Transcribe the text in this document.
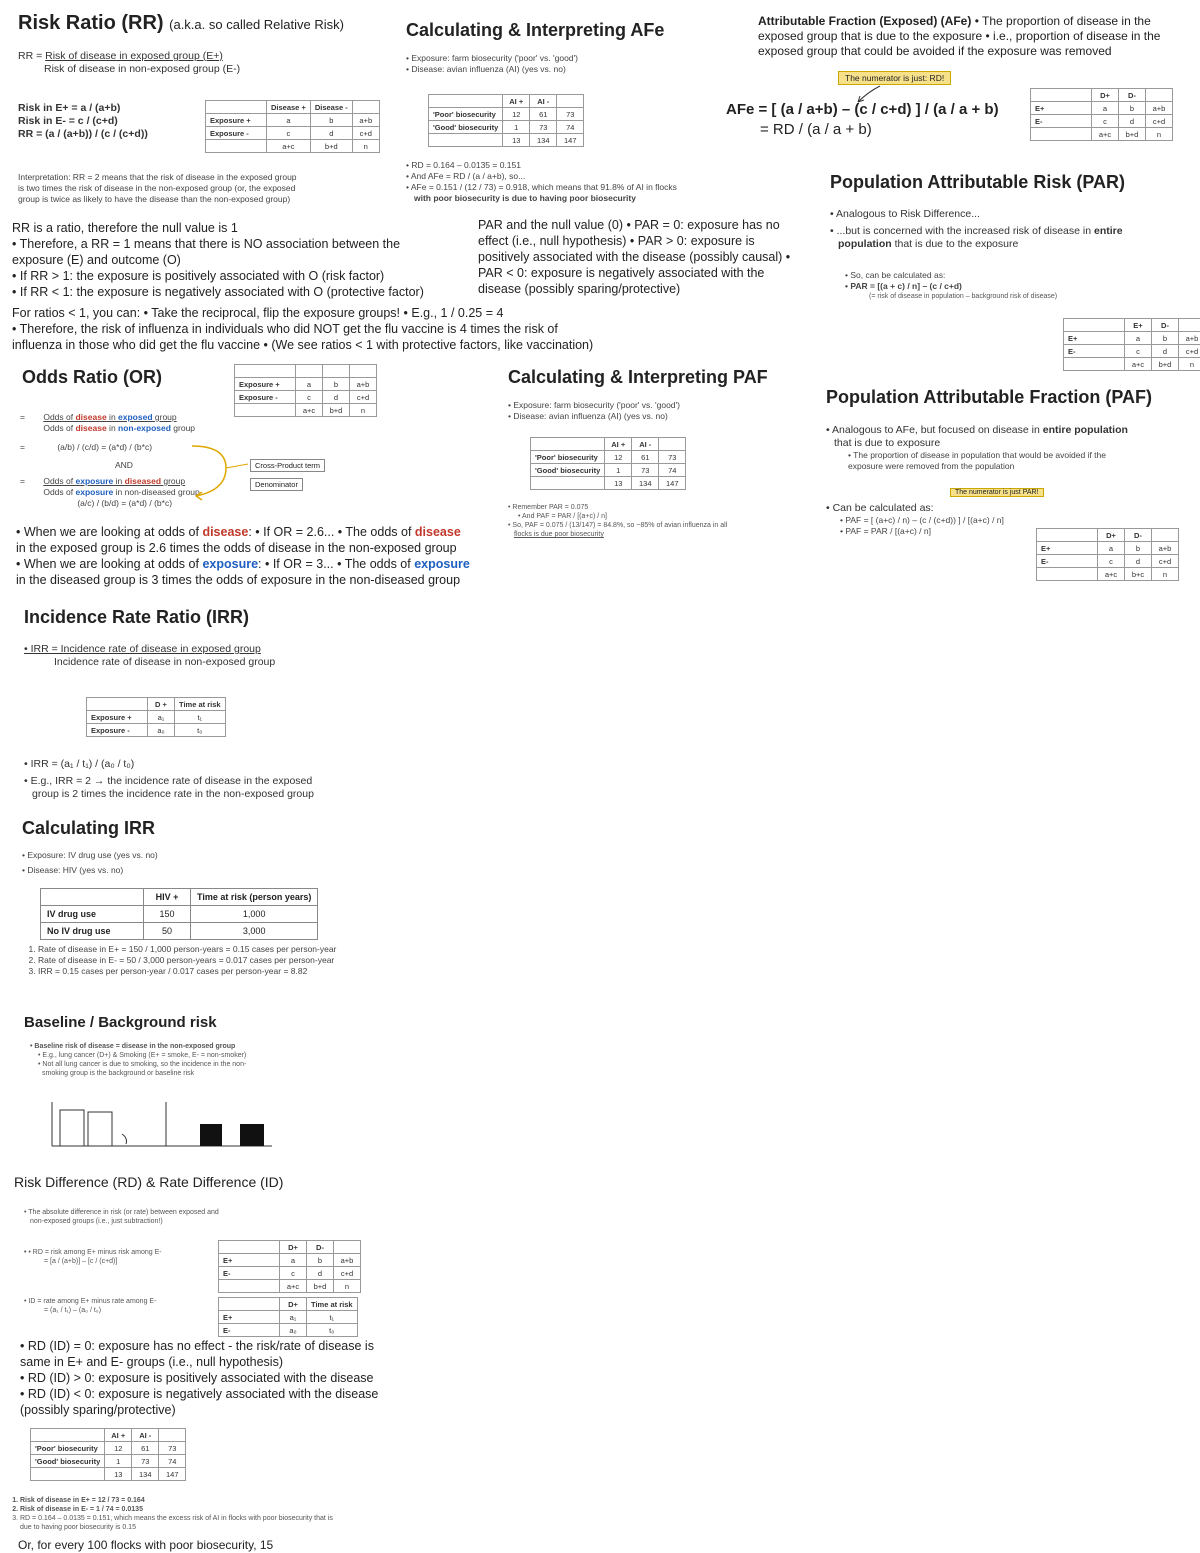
Risk Ratio (RR) (a.k.a. so called Relative Risk)
RR = Risk of disease in exposed group (E+)
Risk of disease in non-exposed group (E-)
Risk in E+ = a / (a+b)
Risk in E- = c / (c+d)
RR = (a / (a+b)) / (c / (c+d))
	Disease +	Disease -	
Exposure +	a	b	a+b
Exposure -	c	d	c+d
	a+c	b+d	n
Interpretation: RR = 2 means that the risk of disease in the exposed group
is two times the risk of disease in the non-exposed group (or, the exposed
group is twice as likely to have the disease than the non-exposed group)
RR is a ratio, therefore the null value is 1
• Therefore, a RR = 1 means that there is NO association between the
exposure (E) and outcome (O)
• If RR > 1: the exposure is positively associated with O (risk factor)
• If RR < 1: the exposure is negatively associated with O (protective factor)
For ratios < 1, you can: • Take the reciprocal, flip the exposure groups! • E.g., 1 / 0.25 = 4
• Therefore, the risk of influenza in individuals who did NOT get the flu vaccine is 4 times the risk of
influenza in those who did get the flu vaccine • (We see ratios < 1 with protective factors, like vaccination)
Calculating & Interpreting AFe
• Exposure: farm biosecurity ('poor' vs. 'good')
• Disease: avian influenza (AI) (yes vs. no)
	AI +	AI -	
'Poor' biosecurity	12	61	73
'Good' biosecurity	1	73	74
	13	134	147
• RD = 0.164 – 0.0135 = 0.151
• And AFe = RD / (a / a+b), so...
• AFe = 0.151 / (12 / 73) = 0.918, which means that 91.8% of AI in flocks
with poor biosecurity is due to having poor biosecurity
PAR and the null value (0) • PAR = 0: exposure has no
effect (i.e., null hypothesis) • PAR > 0: exposure is
positively associated with the disease (possibly causal) •
PAR < 0: exposure is negatively associated with the
disease (possibly sparing/protective)
Attributable Fraction (Exposed) (AFe) • The proportion of disease in the
exposed group that is due to the exposure • i.e., proportion of disease in the
exposed group that could be avoided if the exposure was removed
The numerator is just: RD!
AFe = [ (a / a+b) – (c / c+d) ] / (a / a + b)
= RD / (a / a + b)
	D+	D-	
E+	a	b	a+b
E-	c	d	c+d
	a+c	b+d	n
Population Attributable Risk (PAR)
• Analogous to Risk Difference...
• ...but is concerned with the increased risk of disease in entire
population that is due to the exposure
• So, can be calculated as:
• PAR = [(a + c) / n] – (c / c+d)
(= risk of disease in population – background risk of disease)
	E+	D-	
E+	a	b	a+b
E-	c	d	c+d
	a+c	b+d	n
Odds Ratio (OR)
				Exposure +	a	b	a+b
Exposure -	c	d	c+d
	a+c	b+d	n
= Odds of disease in exposed group
Odds of disease in non-exposed group
=	(a/b) / (c/d) = (a*d) / (b*c)
AND
= Odds of exposure in diseased group
Odds of exposure in non-diseased group
(a/c) / (b/d) = (a*d) / (b*c)
Cross-Product term
Denominator
• When we are looking at odds of disease: • If OR = 2.6... • The odds of disease
in the exposed group is 2.6 times the odds of disease in the non-exposed group
• When we are looking at odds of exposure: • If OR = 3... • The odds of exposure
in the diseased group is 3 times the odds of exposure in the non-diseased group
Calculating & Interpreting PAF
• Exposure: farm biosecurity ('poor' vs. 'good')
• Disease: avian influenza (AI) (yes vs. no)
	AI +	AI -	
'Poor' biosecurity	12	61	73
'Good' biosecurity	1	73	74
	13	134	147
• Remember PAR = 0.075
• And PAF = PAR / [(a+c) / n]
• So, PAF = 0.075 / (13/147) = 84.8%, so ~85% of avian influenza in all
flocks is due poor biosecurity
Population Attributable Fraction (PAF)
• Analogous to AFe, but focused on disease in entire population
that is due to exposure
• The proportion of disease in population that would be avoided if the
exposure were removed from the population
The numerator is just PAR!
• Can be calculated as:
• PAF = [ (a+c) / n) – (c / (c+d)) ] / [(a+c) / n]
• PAF = PAR / [(a+c) / n]
		D+	D-	
E+	a	b	a+b
E-	c	d	c+d
	a+c	b+c	n
Incidence Rate Ratio (IRR)
• IRR = Incidence rate of disease in exposed group
Incidence rate of disease in non-exposed group
	D +	Time at risk
Exposure +	a₁	t₁
Exposure -	a₀	t₀
• IRR = (a₁ / t₁) / (a₀ / t₀)
• E.g., IRR = 2 → the incidence rate of disease in the exposed
group is 2 times the incidence rate in the non-exposed group
Calculating IRR
• Exposure: IV drug use (yes vs. no)
• Disease: HIV (yes vs. no)
	HIV +	Time at risk (person years)
IV drug use	150	1,000
No IV drug use	50	3,000
1. Rate of disease in E+ = 150 / 1,000 person-years = 0.15 cases per person-year
2. Rate of disease in E- = 50 / 3,000 person-years = 0.017 cases per person-year
3. IRR = 0.15 cases per person-year / 0.017 cases per person-year = 8.82
Baseline / Background risk
• Baseline risk of disease = disease in the non-exposed group
• E.g., lung cancer (D+) & Smoking (E+ = smoke, E- = non-smoker)
• Not all lung cancer is due to smoking, so the incidence in the non-
smoking group is the background or baseline risk
Risk Difference (RD) & Rate Difference (ID)
• The absolute difference in risk (or rate) between exposed and
non-exposed groups (i.e., just subtraction!)
• • RD = risk among E+ minus risk among E-
= [a / (a+b)] – [c / (c+d)]
	D+	D-	
E+	a	b	a+b
E-	c	d	c+d
	a+c	b+d	n
• ID = rate among E+ minus rate among E-
= (a₁ / t₁) – (a₀ / t₀)
	D+	Time at risk
E+	a₁	t₁
E-	a₀	t₀
• RD (ID) = 0: exposure has no effect - the risk/rate of disease is
same in E+ and E- groups (i.e., null hypothesis)
• RD (ID) > 0: exposure is positively associated with the disease
• RD (ID) < 0: exposure is negatively associated with the disease
(possibly sparing/protective)
	AI +	AI -	
'Poor' biosecurity	12	61	73
'Good' biosecurity	1	73	74
	13	134	147
1. Risk of disease in E+ = 12 / 73 = 0.164
2. Risk of disease in E- = 1 / 74 = 0.0135
3. RD = 0.164 – 0.0135 = 0.151, which means the excess risk of AI in flocks with poor biosecurity that is due to having poor biosecurity is 0.15
Or, for every 100 flocks with poor biosecurity, 15
